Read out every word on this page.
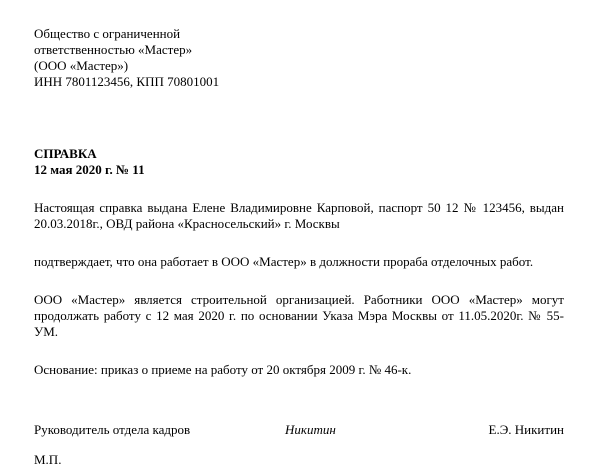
Общество с ограниченной
ответственностью «Мастер»
(ООО «Мастер»)
ИНН 7801123456, КПП 70801001
СПРАВКА
12 мая 2020 г. № 11

Настоящая справка выдана Елене Владимировне Карповой, паспорт 50 12 № 123456, выдан 20.03.2018г., ОВД района «Красносельский» г. Москвы

подтверждает, что она работает в ООО «Мастер» в должности прораба отделочных работ.

ООО «Мастер» является строительной организацией. Работники ООО «Мастер» могут продолжать работу с 12 мая 2020 г. по основании Указа Мэра Москвы от 11.05.2020г. № 55-УМ.

Основание: приказ о приеме на работу от 20 октября 2009 г. № 46-к.

Руководитель отдела кадров	Никитин	Е.Э. Никитин
М.П.
